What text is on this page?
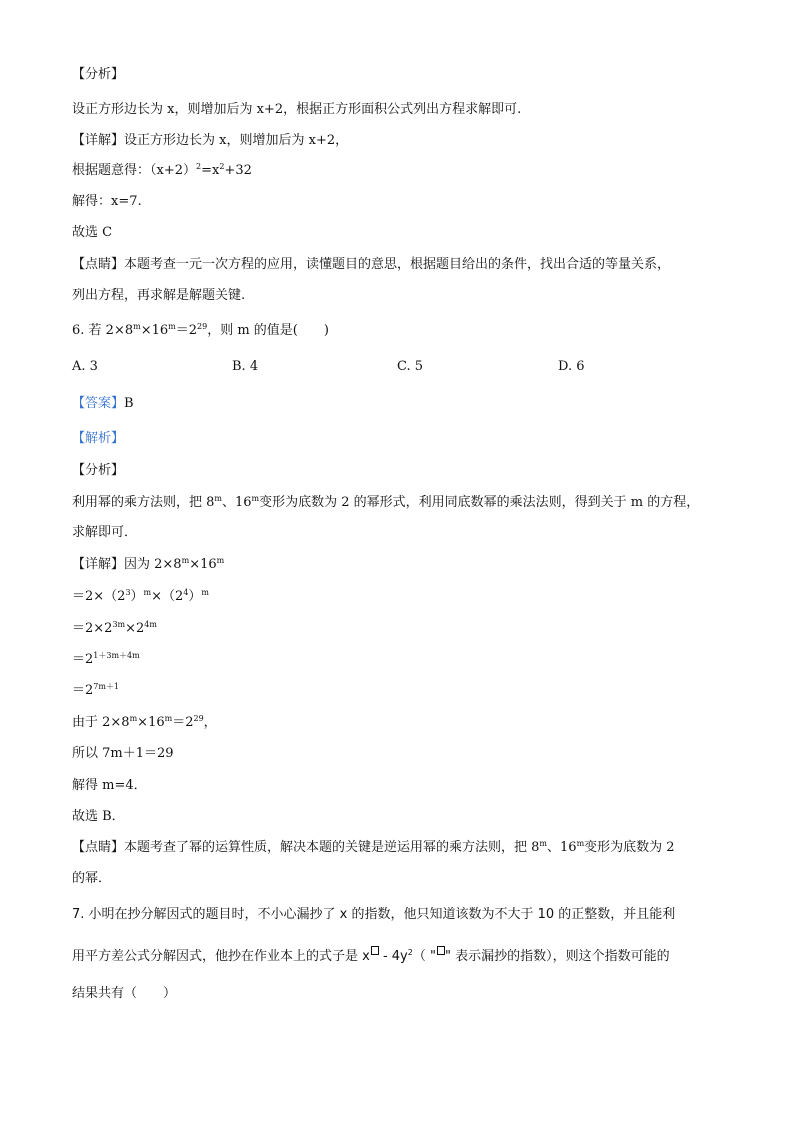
【分析】
设正方形边长为 x，则增加后为 x+2，根据正方形面积公式列出方程求解即可.
【详解】设正方形边长为 x，则增加后为 x+2，
根据题意得：$(x+2)^2=x^2+32$
解得：x=7.
故选 C
【点睛】本题考查一元一次方程的应用，读懂题目的意思，根据题目给出的条件，找出合适的等量关系，
列出方程，再求解是解题关键.
6. 若 $2\times 8^m\times 16^m=2^{29}$，则 m 的值是(　　)
A. 3	B. 4	C. 5	D. 6
【答案】B
【解析】
【分析】
利用幂的乘方法则，把 8$^m$、16$^m$变形为底数为 2 的幂形式，利用同底数幂的乘法法则，得到关于 m 的方程，
求解即可．
【详解】因为 $2\times 8^m\times 16^m$
$=2\times(2^3)^m\times(2^4)^m$
$=2\times 2^{3m}\times 2^{4m}$
$=2^{1+3m+4m}$
$=2^{7m+1}$
由于 $2\times 8^m\times 16^m=2^{29}$，
所以 7m＋1＝29
解得 m=4．
故选 B．
【点睛】本题考查了幂的运算性质，解决本题的关键是逆运用幂的乘方法则，把 8$^m$、16$^m$变形为底数为 2
的幂．
7. 小明在抄分解因式的题目时，不小心漏抄了 x 的指数，他只知道该数为不大于 10 的正整数，并且能利
用平方差公式分解因式，他抄在作业本上的式子是 x - $4y^2$（ " " 表示漏抄的指数），则这个指数可能的
结果共有（　　）
